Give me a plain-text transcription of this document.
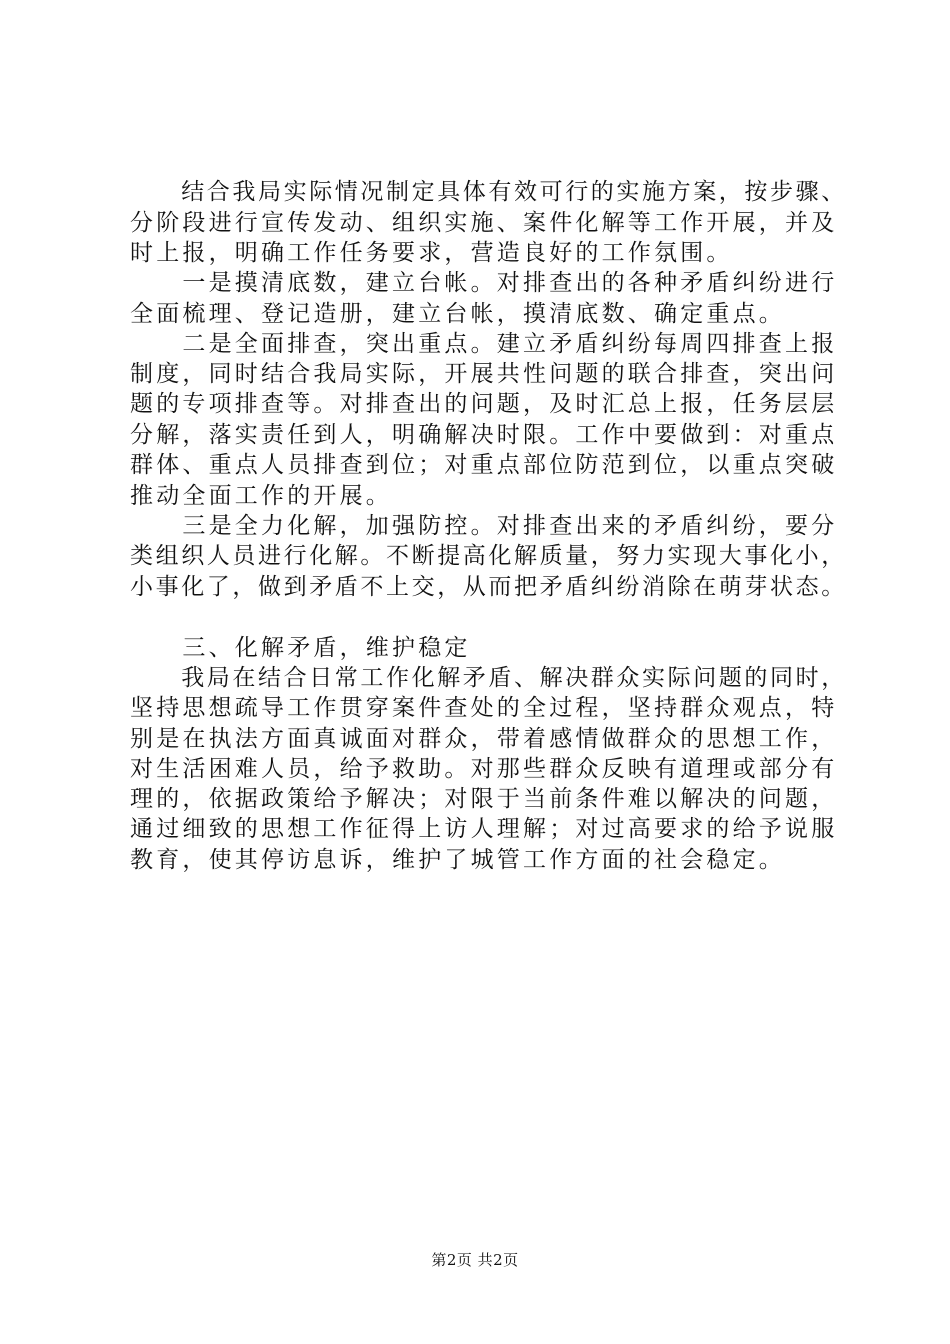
　　结合我局实际情况制定具体有效可行的实施方案，按步骤、
分阶段进行宣传发动、组织实施、案件化解等工作开展，并及
时上报，明确工作任务要求，营造良好的工作氛围。
　　一是摸清底数，建立台帐。对排查出的各种矛盾纠纷进行
全面梳理、登记造册，建立台帐，摸清底数、确定重点。
　　二是全面排查，突出重点。建立矛盾纠纷每周四排查上报
制度，同时结合我局实际，开展共性问题的联合排查，突出问
题的专项排查等。对排查出的问题，及时汇总上报，任务层层
分解，落实责任到人，明确解决时限。工作中要做到：对重点
群体、重点人员排查到位；对重点部位防范到位，以重点突破
推动全面工作的开展。
　　三是全力化解，加强防控。对排查出来的矛盾纠纷，要分
类组织人员进行化解。不断提高化解质量，努力实现大事化小，
小事化了，做到矛盾不上交，从而把矛盾纠纷消除在萌芽状态。
　　三、化解矛盾，维护稳定
　　我局在结合日常工作化解矛盾、解决群众实际问题的同时，
坚持思想疏导工作贯穿案件查处的全过程，坚持群众观点，特
别是在执法方面真诚面对群众，带着感情做群众的思想工作，
对生活困难人员，给予救助。对那些群众反映有道理或部分有
理的，依据政策给予解决；对限于当前条件难以解决的问题，
通过细致的思想工作征得上访人理解；对过高要求的给予说服
教育，使其停访息诉，维护了城管工作方面的社会稳定。
第2页 共2页
